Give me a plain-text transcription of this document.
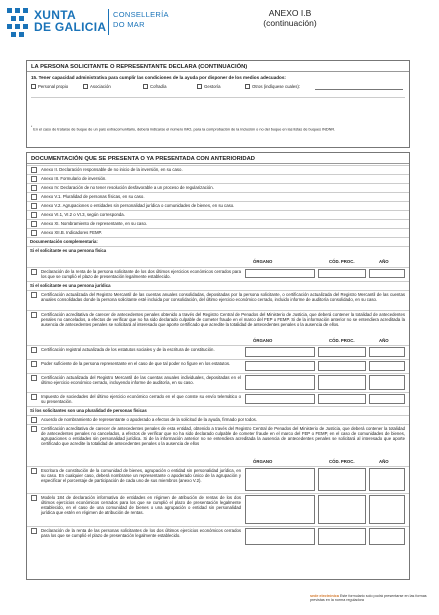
XUNTA
DE GALICIA
CONSELLERÍA
DO MAR
ANEXO I.B
(continuación)
LA PERSONA SOLICITANTE O REPRESENTANTE DECLARA (CONTINUACIÓN)
15. Tener capacidad administrativa para cumplir las condiciones de la ayuda por disponer de los medios adecuados:
Personal propio	Asociación	Cofradía	Gestoría	Otros (indíquese cuales):
* En el caso de tratarse de buque de un país extracomunitario, deberá indicarse el número IMO, para la comprobación de la inclusión o no del buque en las listas de buques INDNR.
DOCUMENTACIÓN QUE SE PRESENTA O YA PRESENTADA CON ANTERIORIDAD
Anexo II. Declaración responsable de no inicio de la inversión, en su caso.
Anexo III. Formulario de inversión.
Anexo IV. Declaración de no tener resolución desfavorable a un proceso de regularización.
Anexo V.1. Pluralidad de personas físicas, en su caso.
Anexo V.2. Agrupaciones o entidades sin personalidad jurídica o comunidades de bienes, en su caso.
Anexo VI.1, VI.2 o VI.3, según corresponda.
Anexo XI. Nombramiento de representante, en su caso.
Anexo XII.B. Indicadores FEMP.
Documentación complementaria:
Si el solicitante es una persona física
ÓRGANO	CÓD. PROC.	AÑO
Declaración de la renta de la persona solicitante de los dos últimos ejercicios económicos cerrados para los que se cumplió el plazo de presentación legalmente establecido.
Si el solicitante es una persona jurídica
Certificación actualizada del Registro Mercantil de las cuentas anuales consolidadas, depositadas por la persona solicitante, o certificación actualizada del Registro Mercantil de las cuentas anuales consolidadas donde la persona solicitante esté incluida por consolidación, del último ejercicio económico cerrado, incluido informe de auditoría consolidado, en su caso.
Certificación acreditativa de carecer de antecedentes penales obtenido a través del Registro Central de Penados del Ministerio de Justicia, que deberá contener la totalidad de antecedentes penales no cancelados, a efectos de verificar que no ha sido declarado culpable de cometer fraude en el marco del FEP o FEMP. Si de la información anterior no se entendiera acreditada la ausencia de antecedentes penales se solicitará al interesado que aporte certificado que acredite la totalidad de antecedentes penales o la ausencia de ellos.
ÓRGANO	CÓD. PROC.	AÑO
Certificación registral actualizada de los estatutos sociales y de la escritura de constitución.
Poder suficiente de la persona representante en el caso de que tal poder no figure en los estatutos.
Certificación actualizada del Registro Mercantil de las cuentas anuales individuales, depositadas en el último ejercicio económico cerrado, incluyendo informe de auditoría, en su caso.
Impuesto de sociedades del último ejercicio económico cerrado en el que conste su envío telemático o su presentación.
Si los solicitantes son una pluralidad de personas físicas
Acuerdo de nombramiento de representante o apoderado a efectos de la solicitud de la ayuda, firmado por todos.
Certificación acreditativa de carecer de antecedentes penales de esta entidad, obtenido a través del Registro Central de Penados del Ministerio de Justicia, que deberá contener la totalidad de antecedentes penales no cancelados, a efectos de verificar que no ha sido declarado culpable de cometer fraude en el marco del FEP o FEMP, en el caso de comunidades de bienes, agrupaciones o entidades sin personalidad jurídica. Si de la información anterior no se entendiera acreditada la ausencia de antecedentes penales se solicitará al interesado que aporte certificado que acredite la totalidad de antecedentes penales o la ausencia de ellos
ÓRGANO	CÓD. PROC.	AÑO
Escritura de constitución de la comunidad de bienes, agrupación o entidad sin personalidad jurídica, en su caso. En cualquier caso, deberá nombrarse un representante o apoderado único de la agrupación y especificar el porcentaje de participación de cada uno de sus miembros (anexo V.2).
Modelo 184 de declaración informativa de entidades en régimen de atribución de rentas de los dos últimos ejercicios económicos cerrados para los que se cumplió el plazo de presentación legalmente establecido, en el caso de una comunidad de bienes o una agrupación o entidad sin personalidad jurídica que estén en régimen de atribución de rentas.
Declaración de la renta de las personas solicitantes de los dos últimos ejercicios económicos cerrados para los que se cumplió el plazo de presentación legalmente establecido.
sede electrónica Este formulario solo podrá presentarse en las formas previstas en la norma reguladora
